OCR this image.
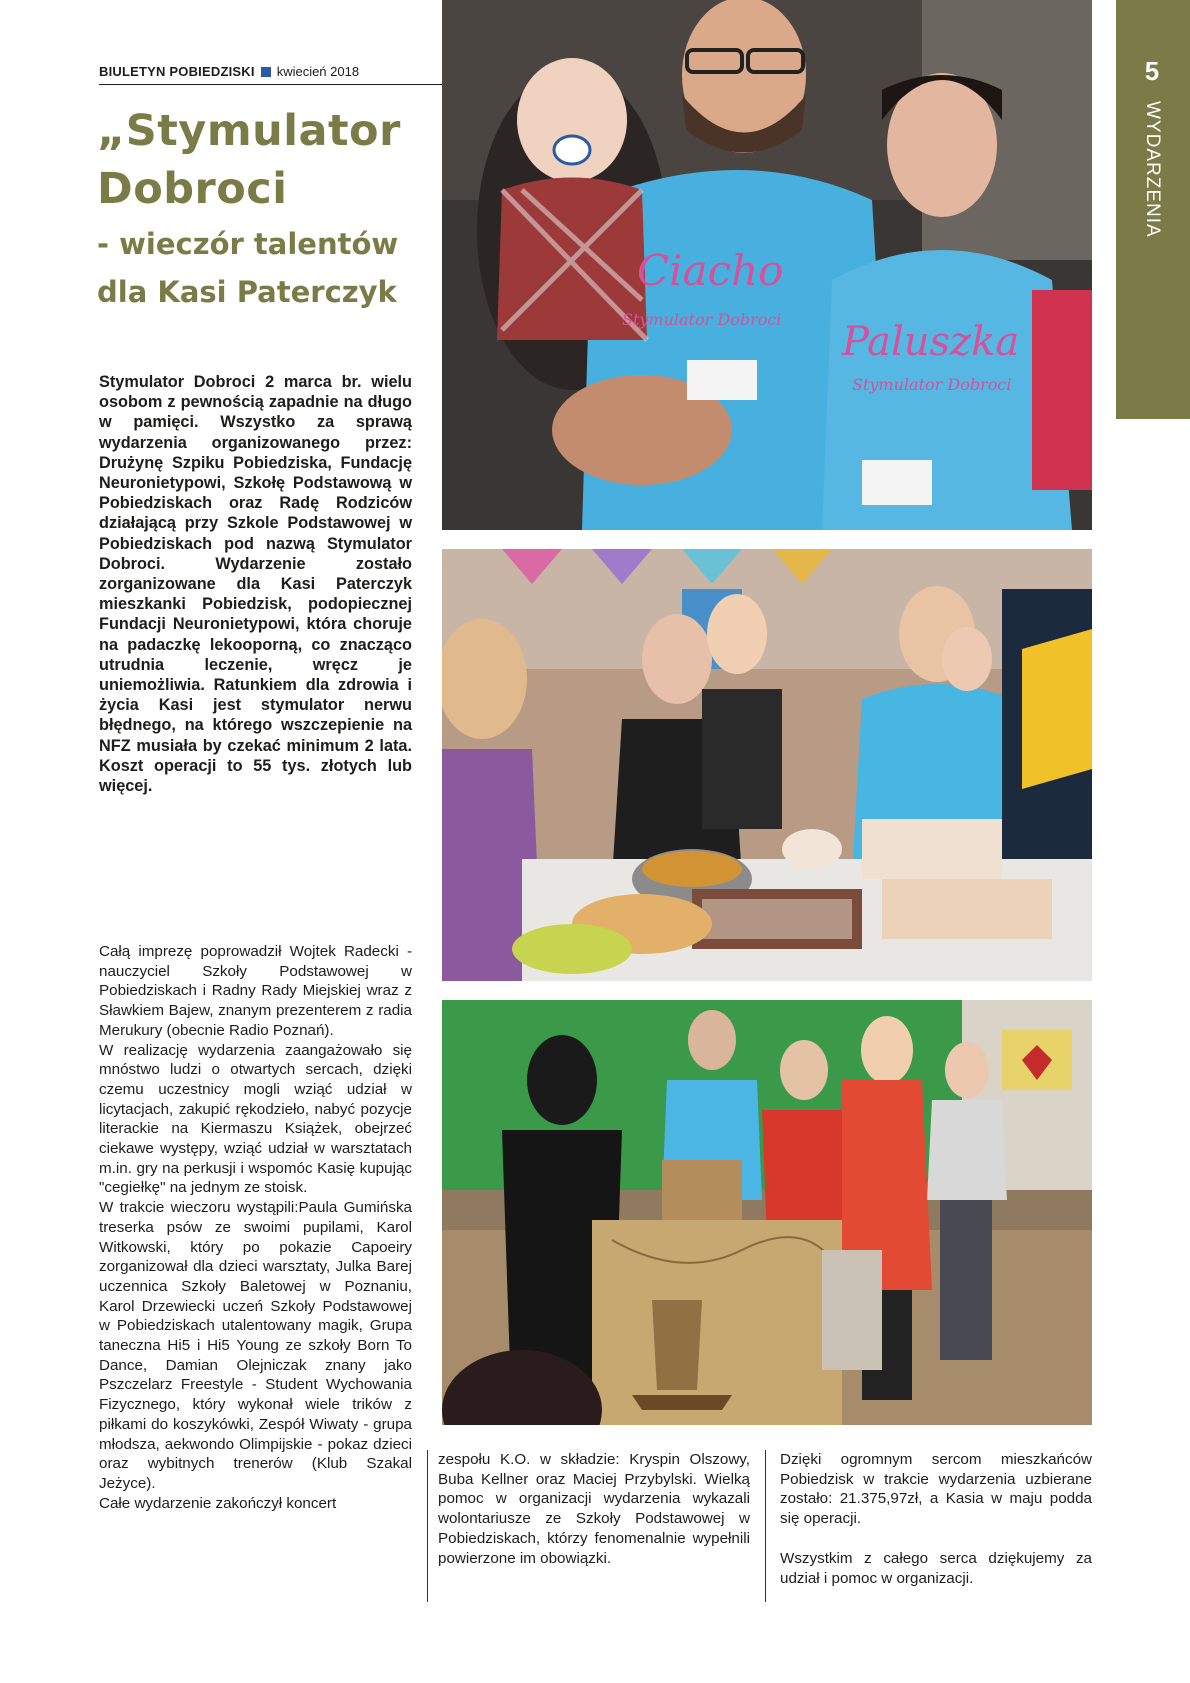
BIULETYN POBIEDZISKI kwiecień 2018
„Stymulator
Dobroci
- wieczór talentów
dla Kasi Paterczyk

Stymulator Dobroci 2 marca br. wielu osobom z pewnością zapadnie na długo w pamięci. Wszystko za sprawą wydarzenia organizowanego przez: Drużynę Szpiku Pobiedziska, Fundację Neuronietypowi, Szkołę Podstawową w Pobiedziskach oraz Radę Rodziców działającą przy Szkole Podstawowej w Pobiedziskach pod nazwą Stymulator Dobroci. Wydarzenie zostało zorganizowane dla Kasi Paterczyk mieszkanki Pobiedzisk, podopiecznej Fundacji Neuronietypowi, która choruje na padaczkę lekooporną, co znacząco utrudnia leczenie, wręcz je uniemożliwia. Ratunkiem dla zdrowia i życia Kasi jest stymulator nerwu błędnego, na którego wszczepienie na NFZ musiała by czekać minimum 2 lata. Koszt operacji to 55 tys. złotych lub więcej.

Całą imprezę poprowadził Wojtek Radecki - nauczyciel Szkoły Podstawowej w Pobiedziskach i Radny Rady Miejskiej wraz z Sławkiem Bajew, znanym prezenterem z radia Merukury (obecnie Radio Poznań).

W realizację wydarzenia zaangażowało się mnóstwo ludzi o otwartych sercach, dzięki czemu uczestnicy mogli wziąć udział w licytacjach, zakupić rękodzieło, nabyć pozycje literackie na Kiermaszu Książek, obejrzeć ciekawe występy, wziąć udział w warsztatach m.in. gry na perkusji i wspomóc Kasię kupując "cegiełkę" na jednym ze stoisk.

W trakcie wieczoru wystąpili:Paula Gumińska treserka psów ze swoimi pupilami, Karol Witkowski, który po pokazie Capoeiry zorganizował dla dzieci warsztaty, Julka Barej uczennica Szkoły Baletowej w Poznaniu, Karol Drzewiecki uczeń Szkoły Podstawowej w Pobiedziskach utalentowany magik, Grupa taneczna Hi5 i Hi5 Young ze szkoły Born To Dance, Damian Olejniczak znany jako Pszczelarz Freestyle - Student Wychowania Fizycznego, który wykonał wiele trików z piłkami do koszykówki, Zespół Wiwaty - grupa młodsza, aekwondo Olimpijskie - pokaz dzieci oraz wybitnych trenerów (Klub Szakal Jeżyce).

Całe wydarzenie zakończył koncert

zespołu K.O. w składzie: Kryspin Olszowy, Buba Kellner oraz Maciej Przybylski. Wielką pomoc w organizacji wydarzenia wykazali wolontariusze ze Szkoły Podstawowej w Pobiedziskach, którzy fenomenalnie wypełnili powierzone im obowiązki.

Dzięki ogromnym sercom mieszkańców Pobiedzisk w trakcie wydarzenia uzbierane zostało: 21.375,97zł, a Kasia w maju podda się operacji.

Wszystkim z całego serca dziękujemy za udział i pomoc w organizacji.

Ciacho
Stymulator Dobroci Paluszka
Stymulator Dobroci
5
WYDARZENIA
